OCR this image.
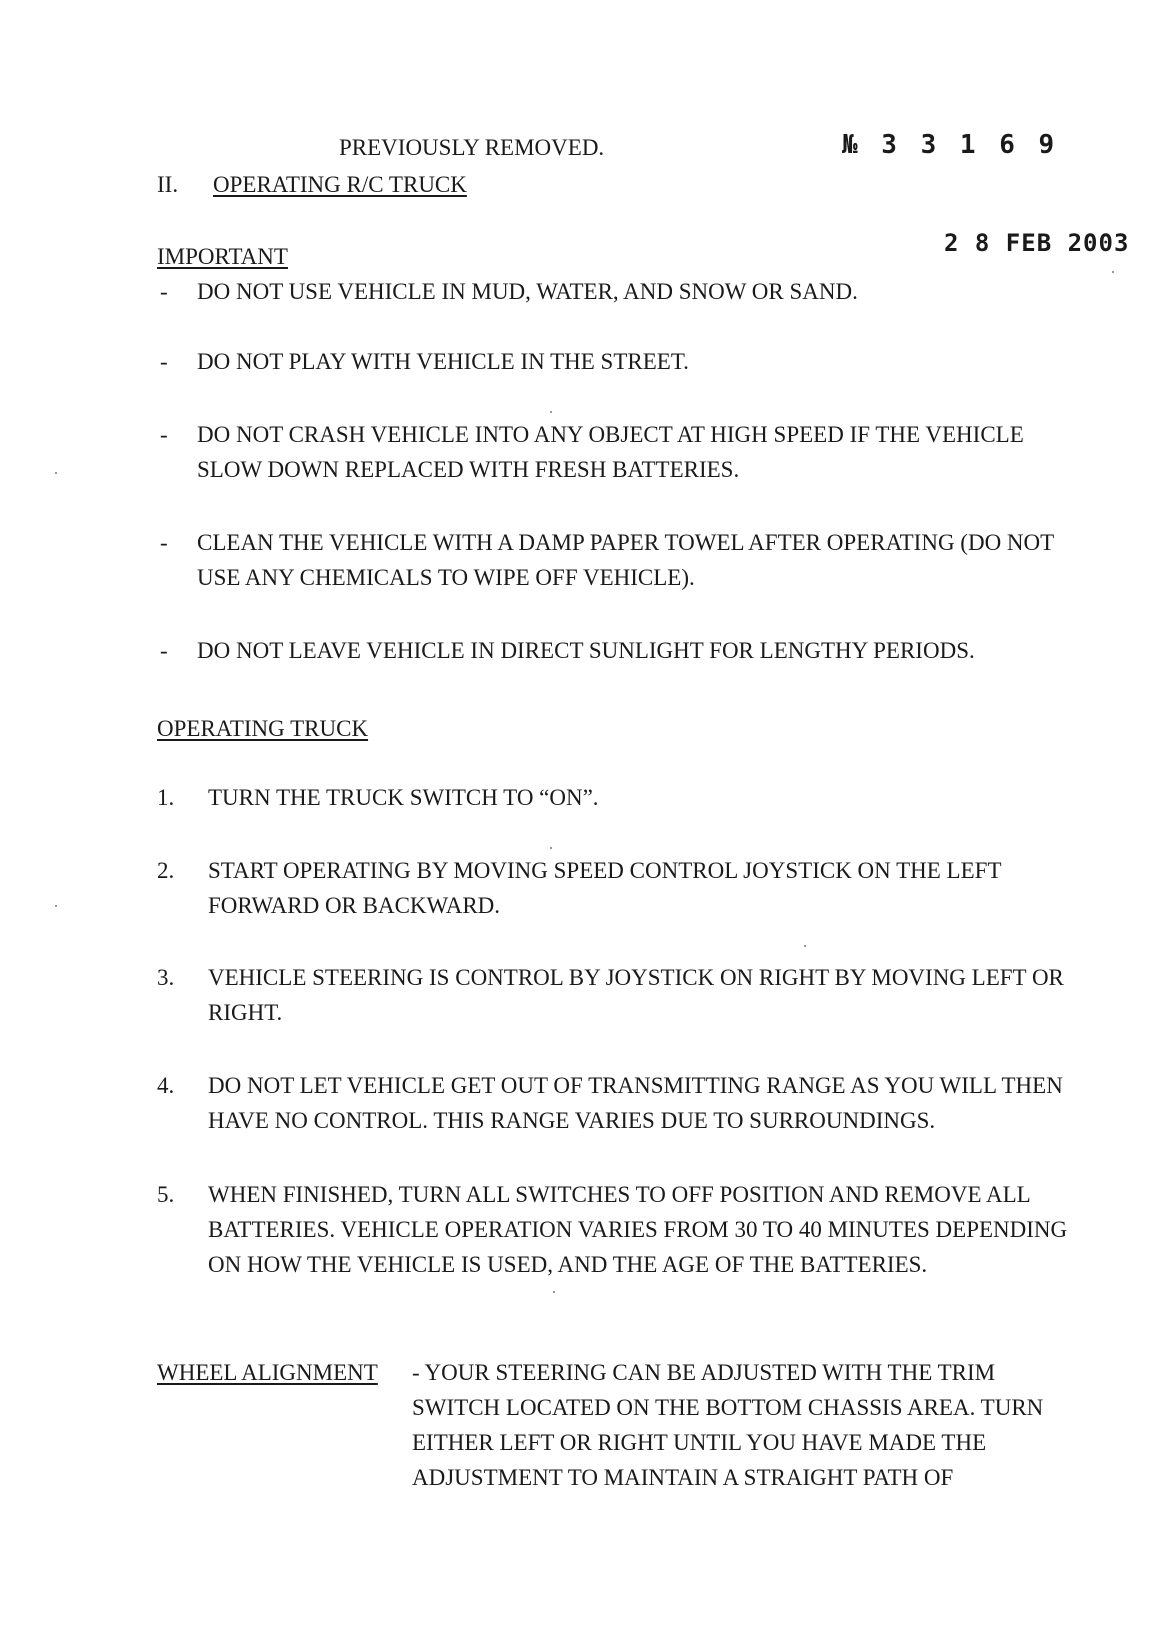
PREVIOUSLY REMOVED.	№ 3 3 1 6 9
II. OPERATING R/C TRUCK
2 8 FEB 2003
IMPORTANT
- DO NOT USE VEHICLE IN MUD, WATER, AND SNOW OR SAND.
- DO NOT PLAY WITH VEHICLE IN THE STREET.
- DO NOT CRASH VEHICLE INTO ANY OBJECT AT HIGH SPEED IF THE VEHICLE SLOW DOWN REPLACED WITH FRESH BATTERIES.
- CLEAN THE VEHICLE WITH A DAMP PAPER TOWEL AFTER OPERATING (DO NOT USE ANY CHEMICALS TO WIPE OFF VEHICLE).
- DO NOT LEAVE VEHICLE IN DIRECT SUNLIGHT FOR LENGTHY PERIODS.
OPERATING TRUCK
1. TURN THE TRUCK SWITCH TO “ON”.
2. START OPERATING BY MOVING SPEED CONTROL JOYSTICK ON THE LEFT FORWARD OR BACKWARD.
3. VEHICLE STEERING IS CONTROL BY JOYSTICK ON RIGHT BY MOVING LEFT OR RIGHT.
4. DO NOT LET VEHICLE GET OUT OF TRANSMITTING RANGE AS YOU WILL THEN HAVE NO CONTROL. THIS RANGE VARIES DUE TO SURROUNDINGS.
5. WHEN FINISHED, TURN ALL SWITCHES TO OFF POSITION AND REMOVE ALL BATTERIES. VEHICLE OPERATION VARIES FROM 30 TO 40 MINUTES DEPENDING ON HOW THE VEHICLE IS USED, AND THE AGE OF THE BATTERIES.
WHEEL ALIGNMENT - YOUR STEERING CAN BE ADJUSTED WITH THE TRIM SWITCH LOCATED ON THE BOTTOM CHASSIS AREA. TURN EITHER LEFT OR RIGHT UNTIL YOU HAVE MADE THE ADJUSTMENT TO MAINTAIN A STRAIGHT PATH OF
